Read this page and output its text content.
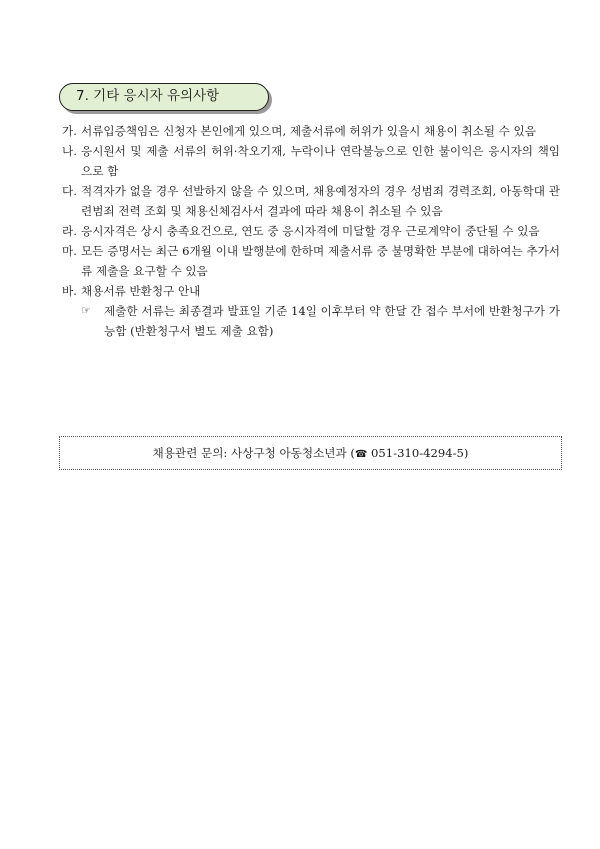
7. 기타 응시자 유의사항
가. 서류입증책임은 신청자 본인에게 있으며, 제출서류에 허위가 있을시 채용이 취소될 수 있음
나. 응시원서 및 제출 서류의 허위·착오기재, 누락이나 연락불능으로 인한 불이익은 응시자의 책임으로 함
다. 적격자가 없을 경우 선발하지 않을 수 있으며, 채용예정자의 경우 성범죄 경력조회, 아동학대 관련범죄 전력 조회 및 채용신체검사서 결과에 따라 채용이 취소될 수 있음
라. 응시자격은 상시 충족요건으로, 연도 중 응시자격에 미달할 경우 근로계약이 중단될 수 있음
마. 모든 증명서는 최근 6개월 이내 발행분에 한하며 제출서류 중 불명확한 부분에 대하여는 추가서류 제출을 요구할 수 있음
바. 채용서류 반환청구 안내
☞ 제출한 서류는 최종결과 발표일 기준 14일 이후부터 약 한달 간 접수 부서에 반환청구가 가능함 (반환청구서 별도 제출 요함)
채용관련 문의: 사상구청 아동청소년과 (☎ 051-310-4294-5)
